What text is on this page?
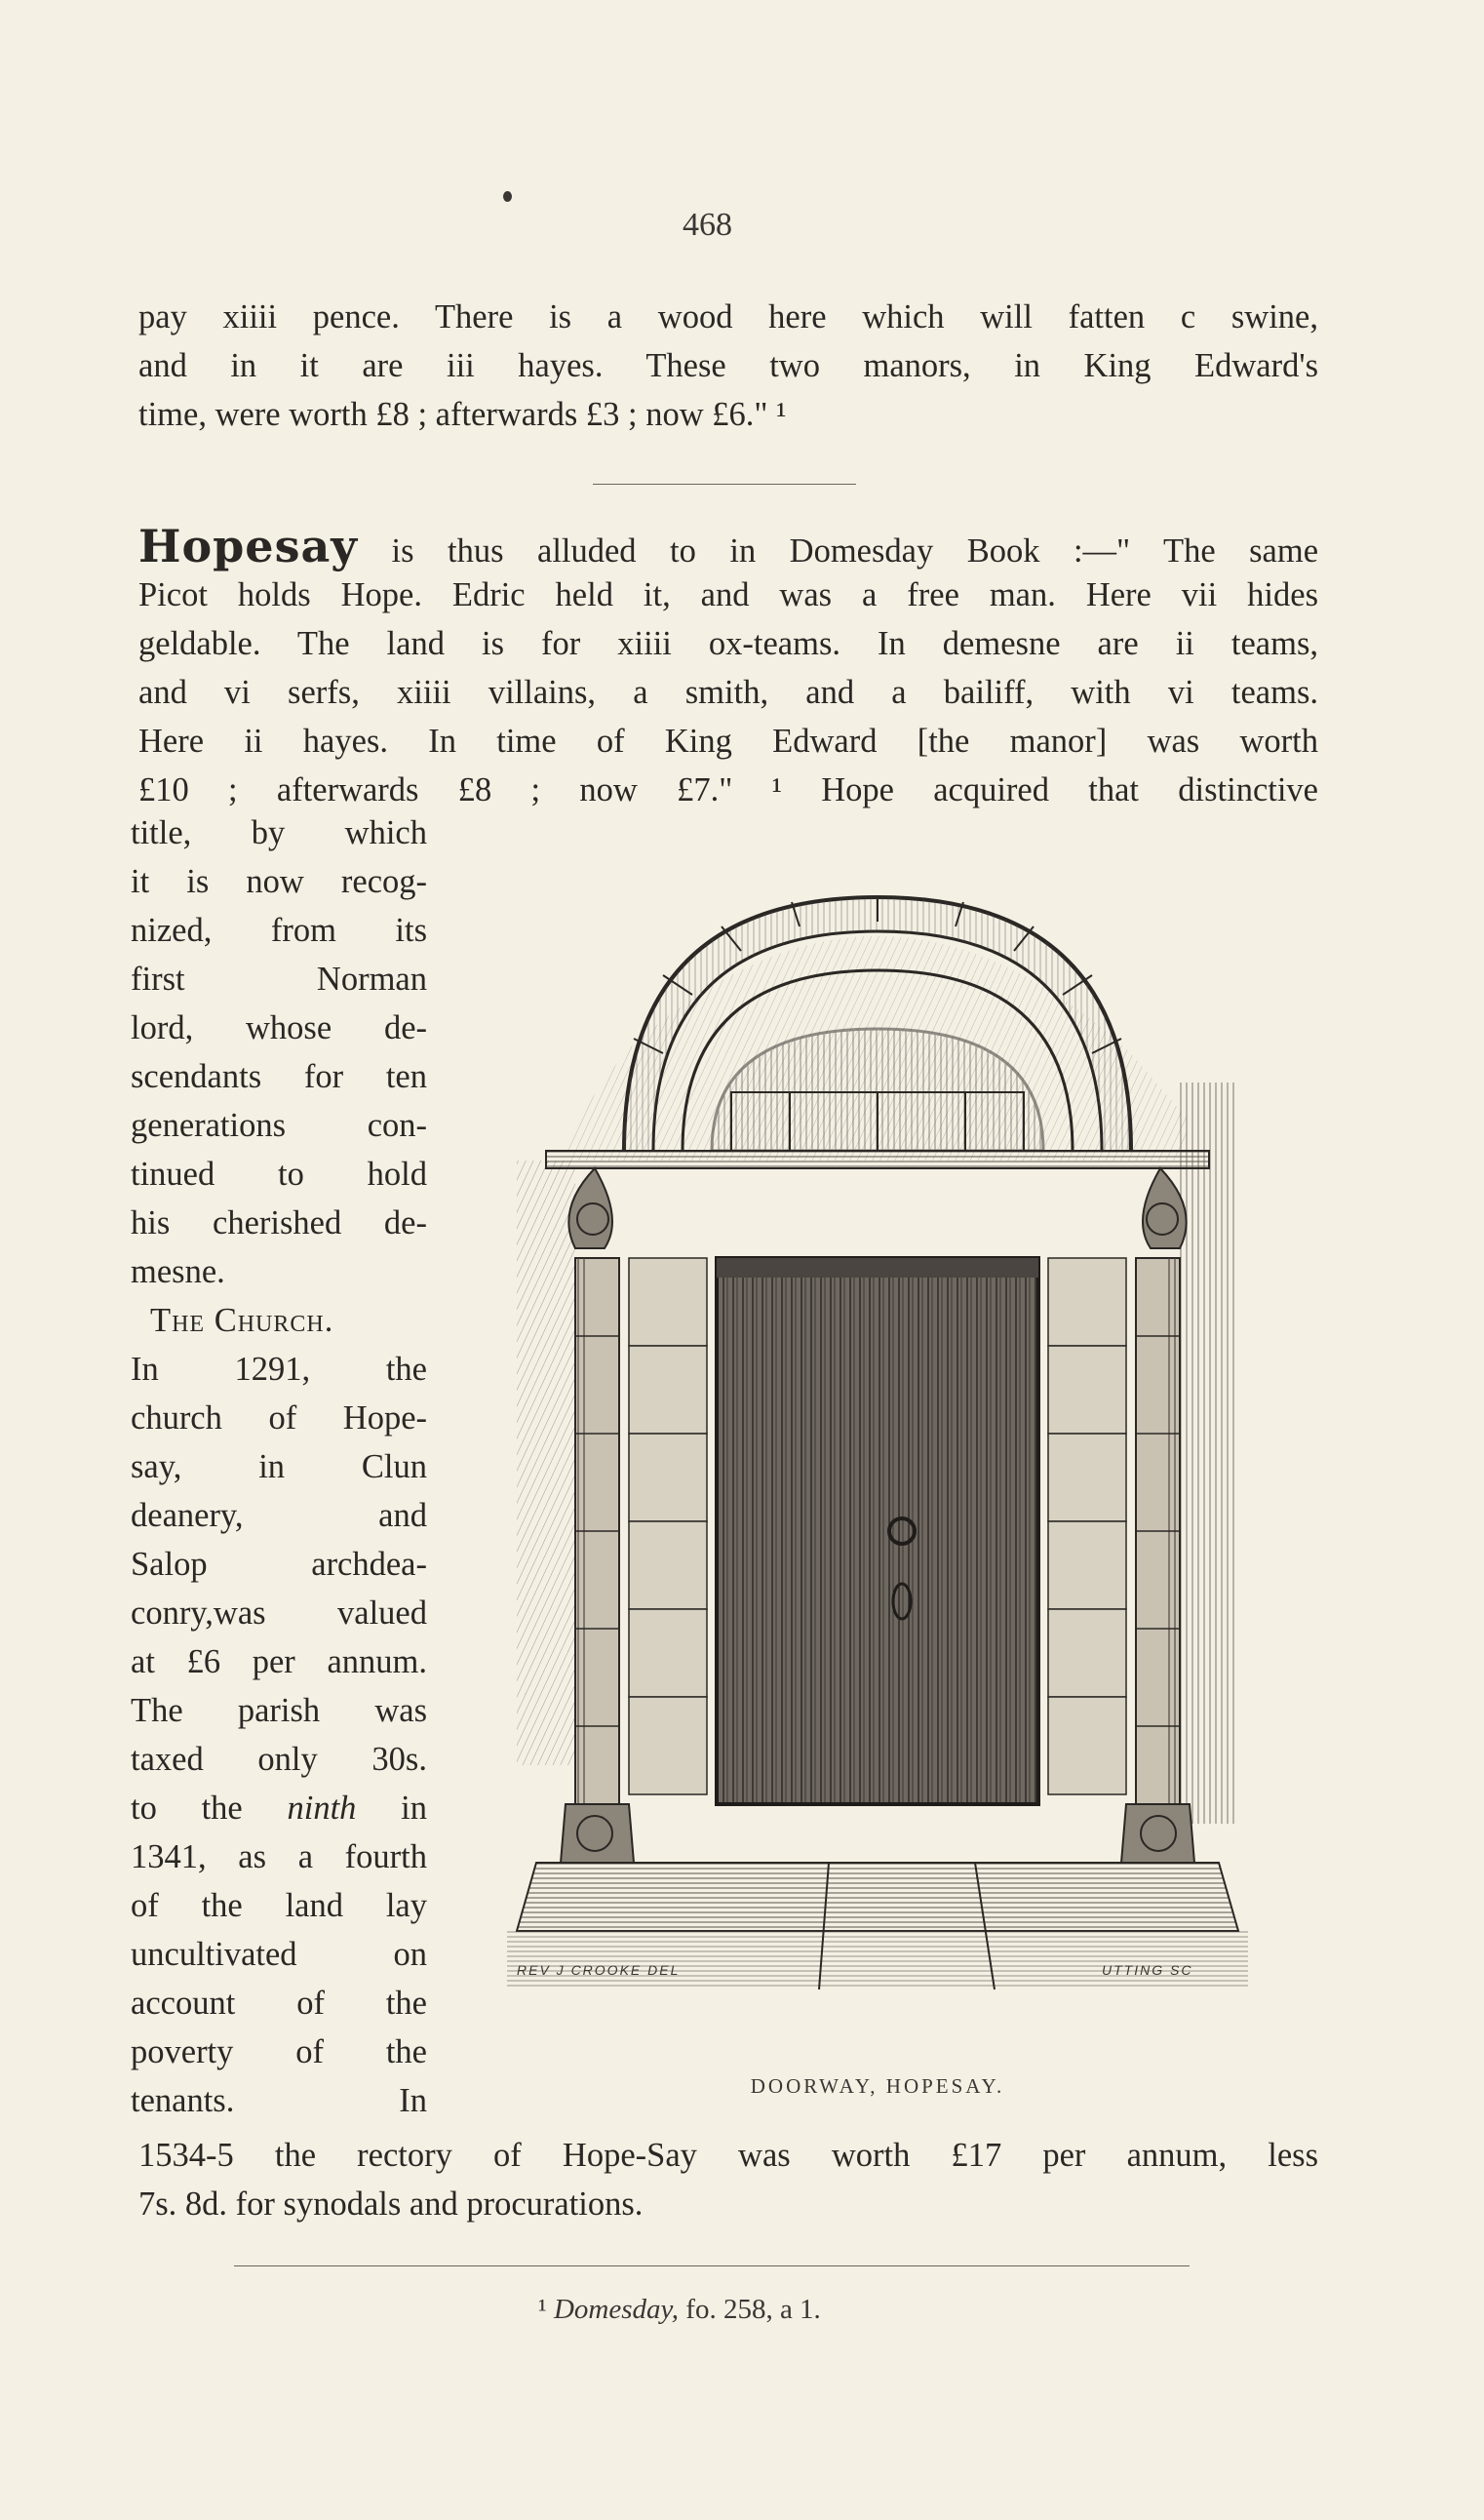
468
pay xiiii pence. There is a wood here which will fatten c swine,
and in it are iii hayes. These two manors, in King Edward's
time, were worth £8 ; afterwards £3 ; now £6." ¹
Hopesay is thus alluded to in Domesday Book :—" The same
Picot holds Hope. Edric held it, and was a free man. Here vii hides
geldable. The land is for xiiii ox-teams. In demesne are ii teams,
and vi serfs, xiiii villains, a smith, and a bailiff, with vi teams.
Here ii hayes. In time of King Edward [the manor] was worth
£10 ; afterwards £8 ; now £7." ¹ Hope acquired that distinctive
title, by which
it is now recog-
nized, from its
first Norman
lord, whose de-
scendants for ten
generations con-
tinued to hold
his cherished de-
mesne.
The Church.
In 1291, the
church of Hope-
say, in Clun
deanery, and
Salop archdea-
conry,was valued
at £6 per annum.
The parish was
taxed only 30s.
to the ninth in
1341, as a fourth
of the land lay
uncultivated on
account of the
poverty of the
tenants. In
1534-5 the rectory of Hope-Say was worth £17 per annum, less
7s. 8d. for synodals and procurations.
¹ Domesday, fo. 258, a 1.
REV J CROOKE DEL	UTTING SC
DOORWAY, HOPESAY.
